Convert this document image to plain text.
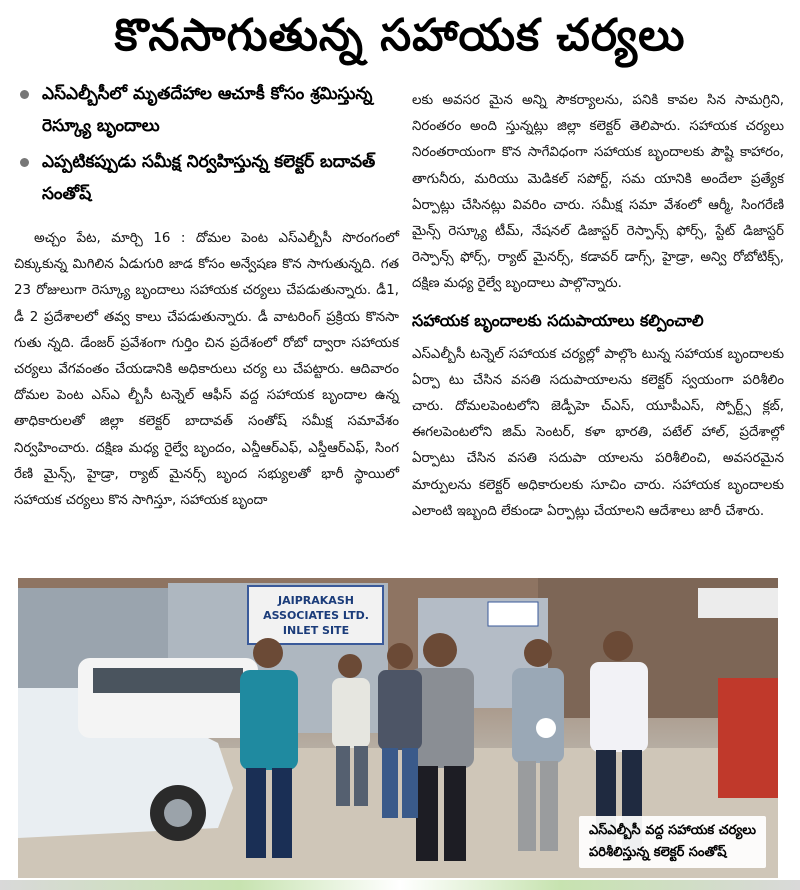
కొనసాగుతున్న సహాయక చర్యలు
ఎస్ఎల్బీసీలో మృతదేహాల ఆచూకీ కోసం శ్రమిస్తున్న రెస్క్యూ బృందాలు
ఎప్పటికప్పుడు సమీక్ష నిర్వహిస్తున్న కలెక్టర్ బదావత్ సంతోష్

అచ్చం పేట, మార్చి 16 : దోమల పెంట ఎస్ఎల్బీసీ సొరంగంలో చిక్కుకున్న మిగిలిన ఏడుగురి జాడ కోసం అన్వేషణ కొన సాగుతున్నది. గత 23 రోజులుగా రెస్క్యూ బృందాలు సహాయక చర్యలు చేపడుతున్నారు. డీ1, డీ 2 ప్రదేశాలలో తవ్వ కాలు చేపడుతున్నారు. డీ వాటరింగ్ ప్రక్రియ కొనసా గుతు న్నది. డేంజర్ ప్రవేశంగా గుర్తిం చిన ప్రదేశంలో రోబో ద్వారా సహాయక చర్యలు వేగవంతం చేయడానికి అధికారులు చర్య లు చేపట్టారు. ఆదివారం దోమల పెంట ఎస్ఎ ల్బీసీ టన్నెల్ ఆఫీస్ వద్ద సహాయక బృందాల ఉన్న తాధికారులతో జిల్లా కలెక్టర్ బాదావత్ సంతోష్ సమీక్ష సమావేశం నిర్వహించారు. దక్షిణ మధ్య రైల్వే బృందం, ఎన్డీఆర్ఎఫ్, ఎస్డీఆర్ఎఫ్, సింగ రేణి మైన్స్, హైడ్రా, ర్యాట్ మైనర్స్ బృంద సభ్యులతో భారీ స్థాయిలో సహాయక చర్యలు కొన సాగిస్తూ, సహాయక బృందా

లకు అవసర మైన అన్ని సౌకర్యాలను, పనికి కావల సిన సామగ్రిని, నిరంతరం అంది స్తున్నట్లు జిల్లా కలెక్టర్ తెలిపారు. సహాయక చర్యలు నిరంతరాయంగా కొన సాగేవిధంగా సహాయక బృందాలకు పౌష్టి కాహారం, తాగునీరు, మరియు మెడికల్ సపోర్ట్, సమ యానికి అందేలా ప్రత్యేక ఏర్పాట్లు చేసినట్లు వివరిం చారు. సమీక్ష సమా వేశంలో ఆర్మీ, సింగరేణి మైన్స్ రెస్క్యూ టీమ్, నేషనల్ డిజాస్టర్ రెస్పాన్స్ ఫోర్స్, స్టేట్ డిజాస్టర్ రెస్పాన్స్ ఫోర్స్, ర్యాట్ మైనర్స్, కడావర్ డాగ్స్, హైడ్రా, అన్వి రోబోటిక్స్, దక్షిణ మధ్య రైల్వే బృందాలు పాల్గొన్నారు.

సహాయక బృందాలకు సదుపాయాలు కల్పించాలి

ఎస్ఎల్బీసీ టన్నెల్ సహాయక చర్యల్లో పాల్గొం టున్న సహాయక బృందాలకు ఏర్పా టు చేసిన వసతి సదుపాయాలను కలెక్టర్ స్వయంగా పరిశీలిం చారు. దోమలపెంటలోని జెడ్పీహె చ్ఎస్, యూపీఎస్, స్పోర్ట్స్ క్లబ్, ఈగలపెంటలోని జిమ్ సెంటర్, కళా భారతి, పటేల్ హాల్, ప్రదేశాల్లో ఏర్పాటు చేసిన వసతి సదుపా యాలను పరిశీలించి, అవసరమైన మార్పులను కలెక్టర్ అధికారులకు సూచిం చారు. సహాయక బృందాలకు ఎలాంటి ఇబ్బంది లేకుండా ఏర్పాట్లు చేయాలని ఆదేశాలు జారీ చేశారు.

JAIPRAKASH
ASSOCIATES LTD.
INLET SITE
ఎస్ఎల్బీసీ వద్ద సహాయక చర్యలు
పరిశీలిస్తున్న కలెక్టర్ సంతోష్
